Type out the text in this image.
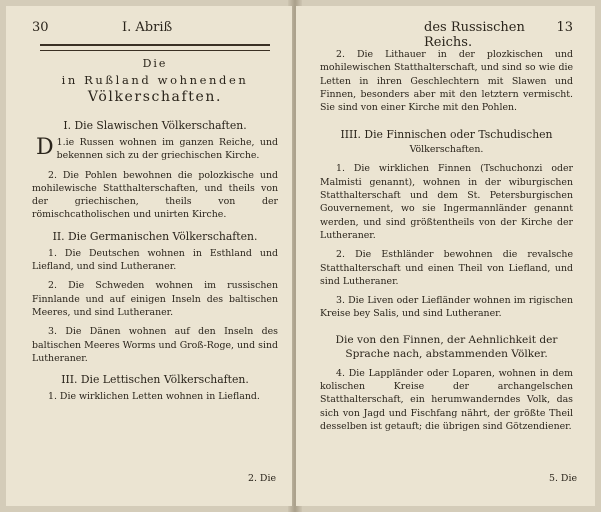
30	I. Abriß
Die
in Rußland wohnenden
Völkerschaften.
I. Die Slawischen Völkerschaften.

1.
D ie Russen wohnen im ganzen Reiche, und bekennen sich zu der griechischen Kirche.

2. Die Pohlen bewohnen die polozkische und mohilewische Statthalterschaften, und theils von der griechischen, theils von der römischcatholischen und unirten Kirche.

II. Die Germanischen Völkerschaften.

1. Die Deutschen wohnen in Esthland und Liefland, und sind Lutheraner.

2. Die Schweden wohnen im russischen Finnlande und auf einigen Inseln des baltischen Meeres, und sind Lutheraner.

3. Die Dänen wohnen auf den Inseln des baltischen Meeres Worms und Groß-Roge, und sind Lutheraner.

III. Die Lettischen Völkerschaften.

1. Die wirklichen Letten wohnen in Liefland.

2. Die
des Russischen Reichs.
13

2. Die Lithauer in der plozkischen und mohilewischen Statthalterschaft, und sind so wie die Letten in ihren Geschlechtern mit Slawen und Finnen, besonders aber mit den letztern vermischt. Sie sind von einer Kirche mit den Pohlen.

IIII. Die Finnischen oder Tschudischen
Völkerschaften.

1. Die wirklichen Finnen (Tschuchonzi oder Malmisti genannt), wohnen in der wiburgischen Statthalterschaft und dem St. Petersburgischen Gouvernement, wo sie Ingermannländer genannt werden, und sind größtentheils von der Kirche der Lutheraner.

2. Die Esthländer bewohnen die revalsche Statthalterschaft und einen Theil von Liefland, und sind Lutheraner.

3. Die Liven oder Liefländer wohnen im rigischen Kreise bey Salis, und sind Lutheraner.

Die von den Finnen, der Aehnlichkeit der Sprache nach, abstammenden Völker.

4. Die Lappländer oder Loparen, wohnen in dem kolischen Kreise der archangelschen Statthalterschaft, ein herumwanderndes Volk, das sich von Jagd und Fischfang nährt, der größte Theil desselben ist getauft; die übrigen sind Götzendiener.

5. Die
